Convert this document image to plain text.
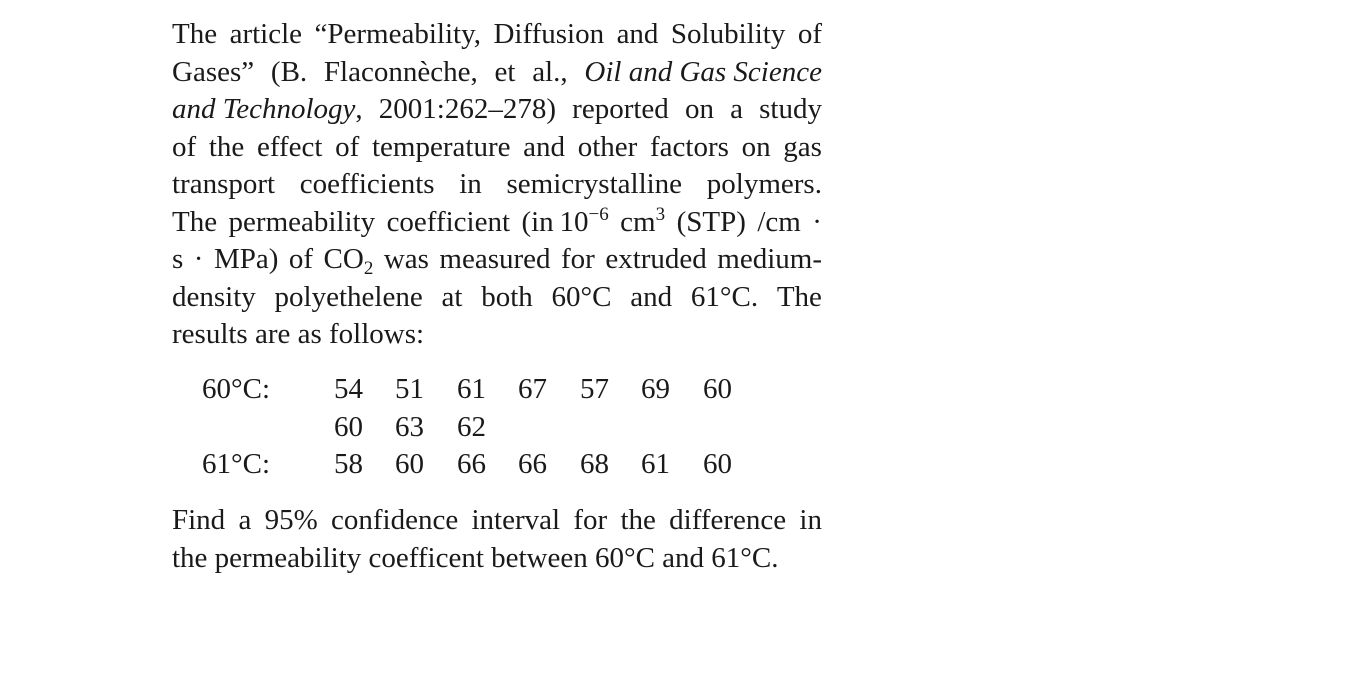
The article “Permeability, Diffusion and Solubility of
Gases” (B. Flaconnèche, et al., Oil and Gas Science
and Technology, 2001:262–278) reported on a study
of the effect of temperature and other factors on gas
transport coefficients in semicrystalline polymers.
The permeability coefficient (in  $10^{-6}$ $cm^3$ (STP) /cm ·
s · MPa) of $CO_2$ was measured for extruded medium-
density polyethelene at both 60°C and 61°C. The
results are as follows:
60°C: 54	51	61	67	57	69	60
60	63	62
61°C: 58	60	66	66	68	61	60
Find a 95% confidence interval for the difference in
the permeability coefficent between 60°C and 61°C.
